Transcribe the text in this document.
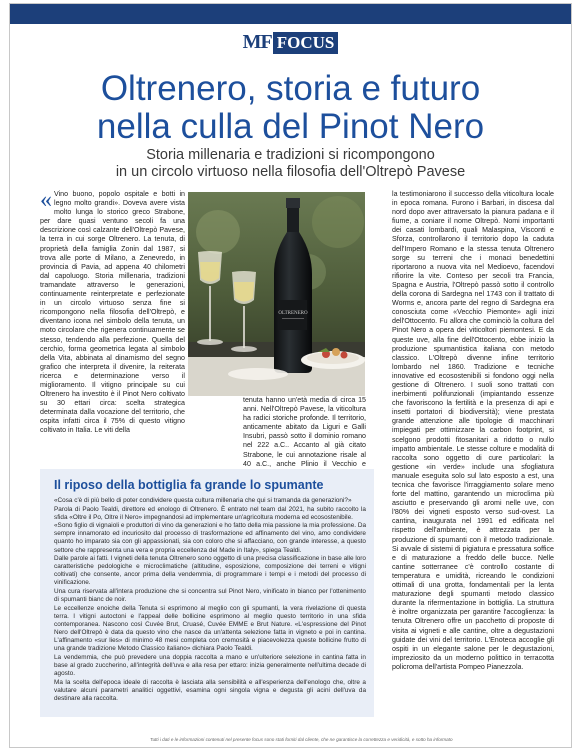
MF FOCUS
Oltrenero, storia e futuro
nella culla del Pinot Nero
Storia millenaria e tradizioni si ricompongono
in un circolo virtuoso nella filosofia dell'Oltrepò Pavese
« Vino buono, popolo ospitale e botti in legno molto grandi». Doveva avere vista molto lunga lo storico greco Strabone, per dare quasi ventuno secoli fa una descrizione così calzante dell'Oltrepò Pavese, la terra in cui sorge Oltrenero. La tenuta, di proprietà della famiglia Zonin dal 1987, si trova alle porte di Milano, a Zenevredo, in provincia di Pavia, ad appena 40 chilometri dal capoluogo. Storia millenaria, tradizioni tramandate attraverso le generazioni, continuamente reinterpretate e perfezionate in un circolo virtuoso senza fine si ricompongono nella filosofia dell'Oltrepò, e diventano icona nel simbolo della tenuta, un moto circolare che rigenera continuamente se stesso, tendendo alla perfezione. Quella del cerchio, forma geometrica legata al simbolo della Vita, abbinata al dinamismo del segno grafico che interpreta il divenire, la reiterata ricerca e determinazione verso il miglioramento. Il vitigno principale su cui Oltrenero ha investito è il Pinot Nero coltivato su 30 ettari circa: scelta strategica determinata dalla vocazione del territorio, che ospita infatti circa il 75% di questo vitigno coltivato in Italia. Le viti della

OLTRENERO
tenuta hanno un'età media di circa 15 anni. Nell'Oltrepò Pavese, la viticoltura ha radici storiche profonde. Il territorio, anticamente abitato da Liguri e Galli Insubri, passò sotto il dominio romano nel 222 a.C.. Accanto al già citato Strabone, le cui annotazione risale al 40 a.C., anche Plinio il Vecchio e

la testimoniarono il successo della viticoltura locale in epoca romana. Furono i Barbari, in discesa dal nord dopo aver attraversato la pianura padana e il fiume, a coniare il nome Oltrepò. Nomi importanti dei casati lombardi, quali Malaspina, Visconti e Sforza, controllarono il territorio dopo la caduta dell'Impero Romano e la stessa tenuta Oltrenero sorge su terreni che i monaci benedettini riportarono a nuova vita nel Medioevo, facendovi rifiorire la vite. Conteso per secoli tra Francia, Spagna e Austria, l'Oltrepò passò sotto il controllo della corona di Sardegna nel 1743 con il trattato di Worms e, ancora parte del regno di Sardegna era conosciuta come «Vecchio Piemonte» agli inizi dell'Ottocento. Fu allora che cominciò la coltura del Pinot Nero a opera dei viticoltori piemontesi. E da queste uve, alla fine dell'Ottocento, ebbe inizio la produzione spumantistica italiana con metodo classico. L'Oltrepò divenne infine territorio lombardo nel 1860. Tradizione e tecniche innovative ed ecosostenibili si fondono oggi nella gestione di Oltrenero. I suoli sono trattati con inerbimenti polifunzionali (impiantando essenze che favoriscono la fertilità e la presenza di api e insetti portatori di biodiversità); viene prestata grande attenzione alle tipologie di macchinari impiegati per ottimizzare la carbon footprint, si scelgono prodotti fitosanitari a ridotto o nullo impatto ambientale. Le stesse colture e modalità di raccolta sono oggetto di cure particolari: la gestione «in verde» include una sfogliatura manuale eseguita solo sul lato esposto a est, una tecnica che favorisce l'irraggiamento solare meno forte del mattino, garantendo un microclima più asciutto e preservando gli aromi nelle uve, con l'80% dei vigneti esposto verso sud-ovest. La cantina, inaugurata nel 1991 ed edificata nel rispetto dell'ambiente, è attrezzata per la produzione di spumanti con il metodo tradizionale. Si avvale di sistemi di pigiatura e pressatura soffice e di maturazione a freddo delle bucce. Nelle cantine sotterranee c'è controllo costante di temperatura e umidità, ricreando le condizioni ottimali di una grotta, fondamentali per la lenta maturazione degli spumanti metodo classico durante la rifermentazione in bottiglia. La struttura è inoltre organizzata per garantire l'accoglienza: la tenuta Oltrenero offre un pacchetto di proposte di visita ai vigneti e alle cantine, oltre a degustazioni guidate dei vini del territorio. L'Enoteca accoglie gli ospiti in un elegante salone per le degustazioni, impreziosito da un moderno polittico in terracotta policroma dell'artista Pompeo Pianezzola.

Il riposo della bottiglia fa grande lo spumante

«Cosa c'è di più bello di poter condividere questa cultura millenaria che qui si tramanda da generazioni?»

Parola di Paolo Tealdi, direttore ed enologo di Oltrenero. È entrato nel team dal 2021, ha subito raccolto la sfida «Oltre il Po, Oltre il Nero» impegnandosi ad implementare un'agricoltura moderna ed ecosostenibile.

«Sono figlio di vignaioli e produttori di vino da generazioni e ho fatto della mia passione la mia professione. Da sempre innamorato ed incuriosito dal processo di trasformazione ed affinamento del vino, amo condividere quanto ho imparato sia con gli appassionati, sia con coloro che si affacciano, con grande interesse, a questo settore che rappresenta una vera e propria eccellenza del Made in Italy», spiega Tealdi.

Dalle parole ai fatti. I vigneti della tenuta Oltrenero sono oggetto di una precisa classificazione in base alle loro caratteristiche pedologiche e microclimatiche (altitudine, esposizione, composizione dei terreni e vitigni coltivati) che consente, ancor prima della vendemmia, di programmare i tempi e i metodi del processo di vinificazione.

Una cura riservata all'intera produzione che si concentra sul Pinot Nero, vinificato in bianco per l'ottenimento di spumanti bianc de noir.

Le eccellenze enoiche della Tenuta si esprimono al meglio con gli spumanti, la vera rivelazione di questa terra. I vitigni autoctoni e l'appeal delle bollicine esprimono al meglio questo territorio in una sfida contemporanea. Nascono così Cuvée Brut, Cruasé, Cuvée EMME e Brut Nature. «L'espressione del Pinot Nero dell'Oltrepò è data da questo vino che nasce da un'attenta selezione fatta in vigneto e poi in cantina. L'affinamento «sur lies» di minimo 48 mesi completa con cremosità e piacevolezza queste bollicine frutto di una grande tradizione Metodo Classico italiano» dichiara Paolo Tealdi.

La vendemmia, che può prevedere una doppia raccolta a mano e un'ulteriore selezione in cantina fatta in base al grado zuccherino, all'integrità dell'uva e alla resa per ettaro: inizia generalmente nell'ultima decade di agosto.

Ma la scelta dell'epoca ideale di raccolta è lasciata alla sensibilità e all'esperienza dell'enologo che, oltre a valutare alcuni parametri analitici oggettivi, esamina ogni singola vigna e degusta gli acini dell'uva da destinare alla raccolta.

Tutti i dati e le informazioni contenuti nel presente focus sono stati forniti dal cliente, che ne garantisce la correttezza e veridicità, e sotto ha informato
